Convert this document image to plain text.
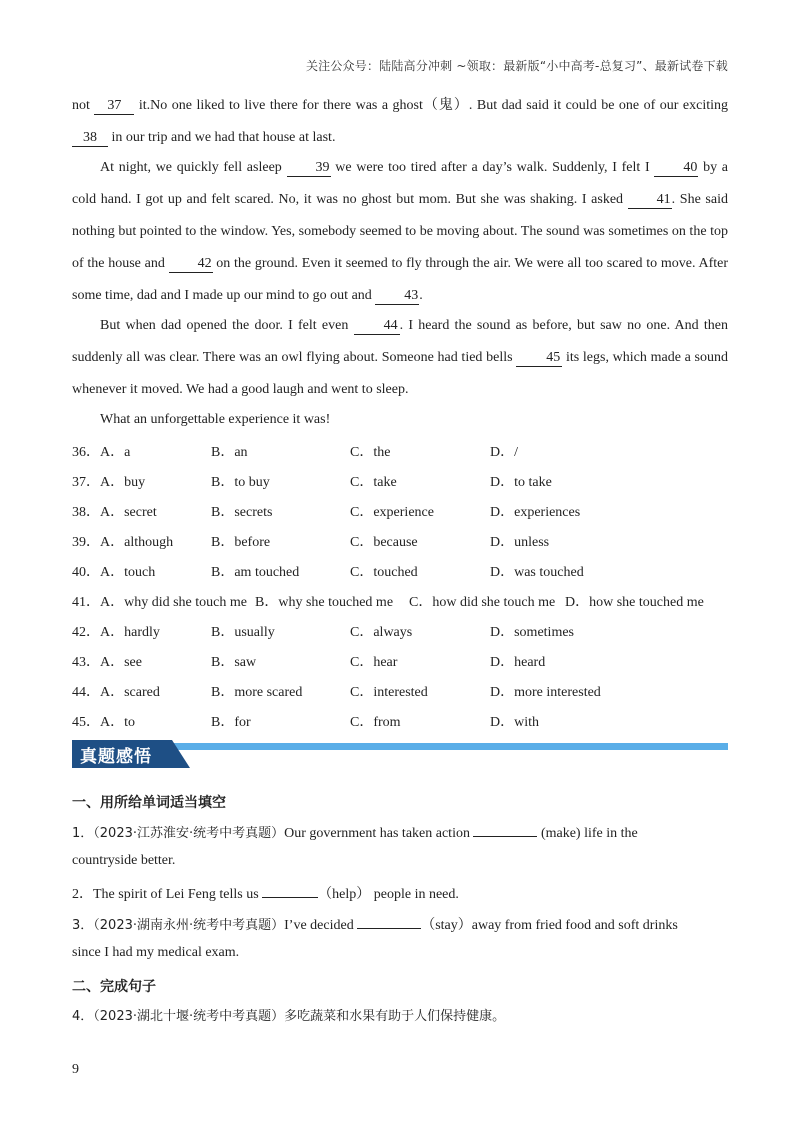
关注公众号：陆陆高分冲刺 ~领取：最新版“小中高考-总复习”、最新试卷下载
not 37 it.No one liked to live there for there was a ghost（鬼）. But dad said it could be one of our exciting 38 in our trip and we had that house at last.
At night, we quickly fell asleep 39 we were too tired after a day’s walk. Suddenly, I felt I 40 by a cold hand. I got up and felt scared. No, it was no ghost but mom. But she was shaking. I asked 41. She said nothing but pointed to the window. Yes, somebody seemed to be moving about. The sound was sometimes on the top of the house and 42 on the ground. Even it seemed to fly through the air. We were all too scared to move. After some time, dad and I made up our mind to go out and 43.
But when dad opened the door. I felt even 44 . I heard the sound as before, but saw no one. And then suddenly all was clear. There was an owl flying about. Someone had tied bells 45 its legs, which made a sound whenever it moved. We had a good laugh and went to sleep.
What an unforgettable experience it was!
36．A．a	B．an	C．the	D．/
37．A．buy	B．to buy	C．take	D．to take
38．A．secret	B．secrets	C．experience	D．experiences
39．A．although	B．before	C．because	D．unless
40．A．touch	B．am touched	C．touched	D．was touched
41．A．why did she touch me B．why she touched me C．how did she touch me D．how she touched me
42．A．hardly	B．usually	C．always	D．sometimes
43．A．see	B．saw	C．hear	D．heard
44．A．scared	B．more scared	C．interested	D．more interested
45．A．to	B．for	C．from	D．with
真题感悟
一、用所给单词适当填空
1．（2023·江苏淮安·统考中考真题）Our government has taken action	(make) life in the
countryside better.
2．The spirit of Lei Feng tells us	（help） people in need.
3．（2023·湖南永州·统考中考真题）I’ve decided	（stay）away from fried food and soft drinks
since I had my medical exam.
二、完成句子
4．（2023·湖北十堰·统考中考真题）多吃蔬菜和水果有助于人们保持健康。
9
